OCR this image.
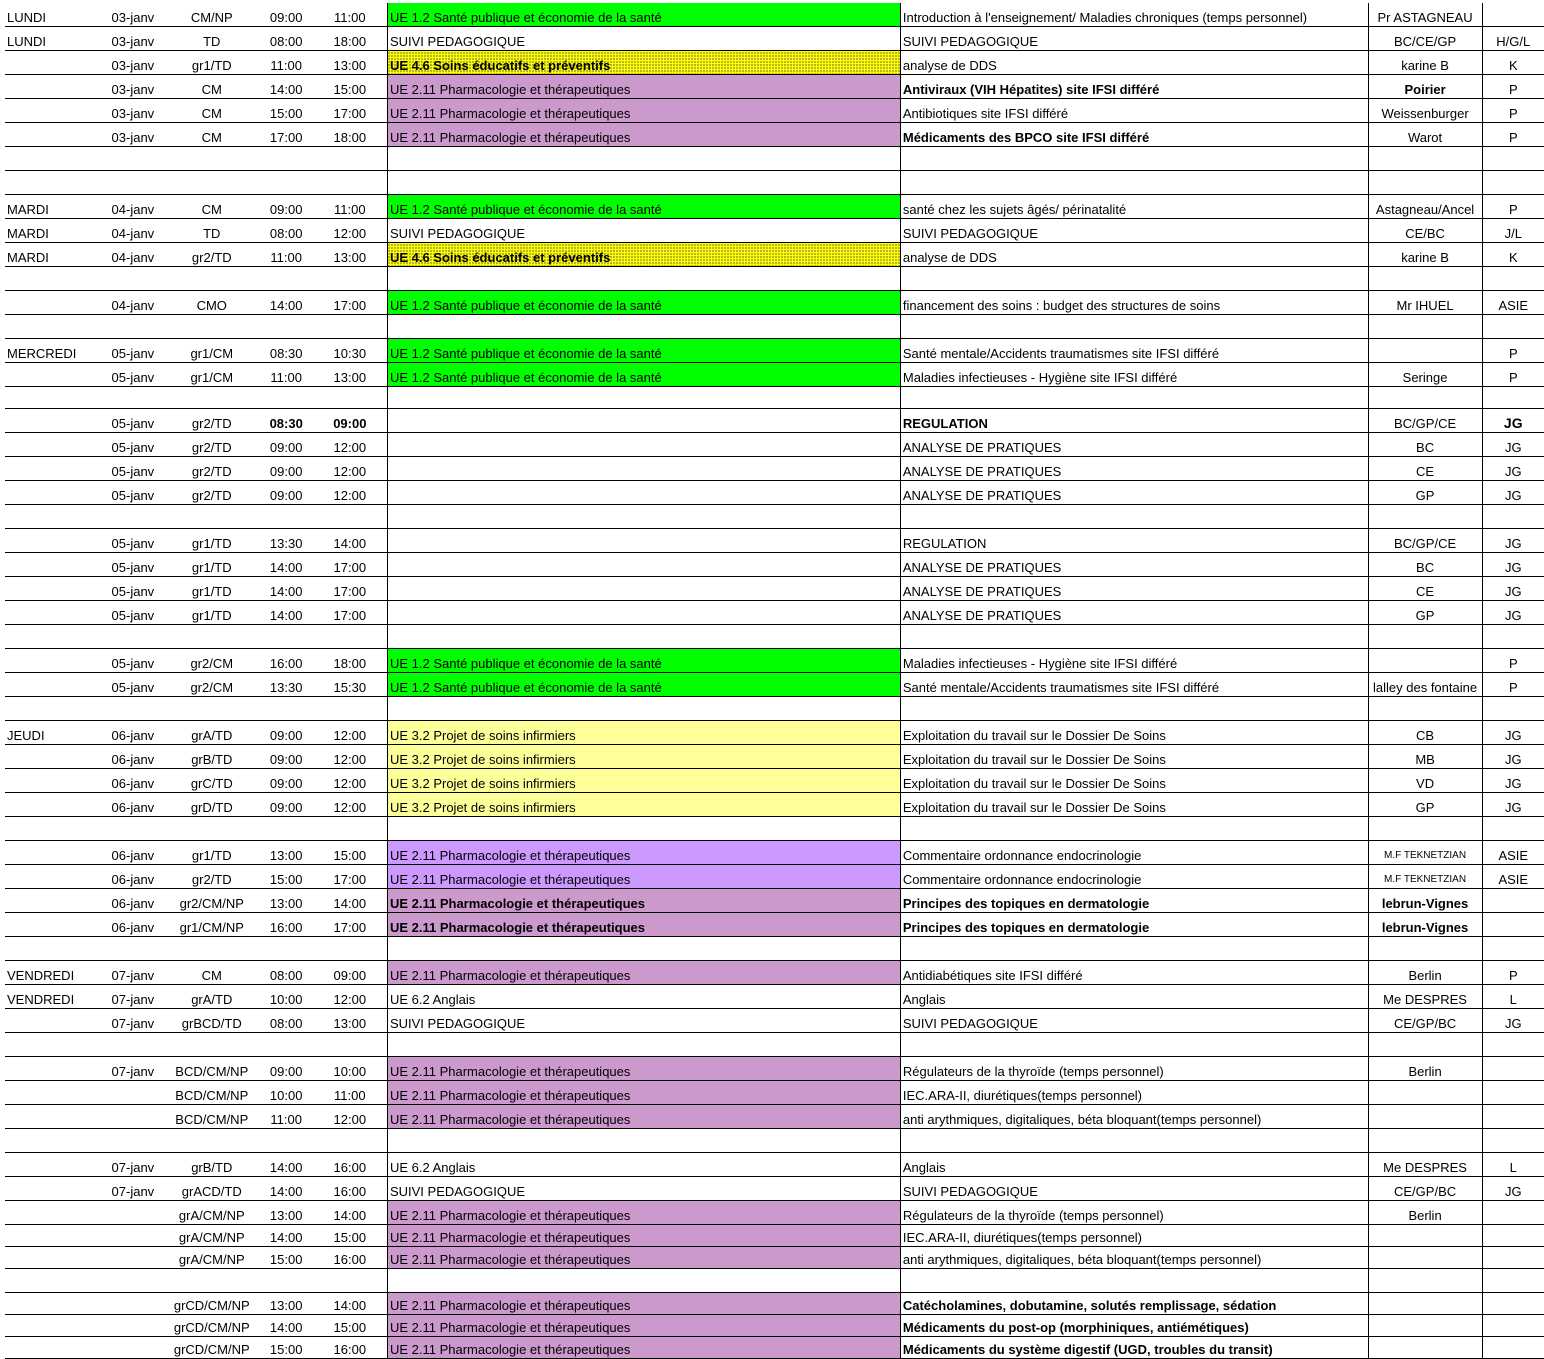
LUNDI	03-janv	CM/NP	09:00	11:00	UE 1.2 Santé publique et économie de la santé	Introduction à l'enseignement/ Maladies chroniques (temps personnel)	Pr ASTAGNEAU	
LUNDI	03-janv	TD	08:00	18:00	SUIVI PEDAGOGIQUE	SUIVI PEDAGOGIQUE	BC/CE/GP	H/G/L
	03-janv	gr1/TD	11:00	13:00	UE 4.6 Soins éducatifs et préventifs	analyse de DDS	karine B	K
	03-janv	CM	14:00	15:00	UE 2.11 Pharmacologie et thérapeutiques	Antiviraux (VIH Hépatites) site IFSI différé	Poirier	P
	03-janv	CM	15:00	17:00	UE 2.11 Pharmacologie et thérapeutiques	Antibiotiques site IFSI différé	Weissenburger	P
	03-janv	CM	17:00	18:00	UE 2.11 Pharmacologie et thérapeutiques	Médicaments des BPCO site IFSI différé	Warot	P

MARDI	04-janv	CM	09:00	11:00	UE 1.2 Santé publique et économie de la santé	santé chez les sujets âgés/ périnatalité	Astagneau/Ancel	P
MARDI	04-janv	TD	08:00	12:00	SUIVI PEDAGOGIQUE	SUIVI PEDAGOGIQUE	CE/BC	J/L
MARDI	04-janv	gr2/TD	11:00	13:00	UE 4.6 Soins éducatifs et préventifs	analyse de DDS	karine B	K

	04-janv	CMO	14:00	17:00	UE 1.2 Santé publique et économie de la santé	financement des soins : budget des structures de soins	Mr IHUEL	ASIE

MERCREDI	05-janv	gr1/CM	08:30	10:30	UE 1.2 Santé publique et économie de la santé	Santé mentale/Accidents traumatismes site IFSI différé		P
	05-janv	gr1/CM	11:00	13:00	UE 1.2 Santé publique et économie de la santé	Maladies infectieuses - Hygiène site IFSI différé	Seringe	P

	05-janv	gr2/TD	08:30	09:00		REGULATION	BC/GP/CE	JG
	05-janv	gr2/TD	09:00	12:00		ANALYSE DE PRATIQUES	BC	JG
	05-janv	gr2/TD	09:00	12:00		ANALYSE DE PRATIQUES	CE	JG
	05-janv	gr2/TD	09:00	12:00		ANALYSE DE PRATIQUES	GP	JG

	05-janv	gr1/TD	13:30	14:00		REGULATION	BC/GP/CE	JG
	05-janv	gr1/TD	14:00	17:00		ANALYSE DE PRATIQUES	BC	JG
	05-janv	gr1/TD	14:00	17:00		ANALYSE DE PRATIQUES	CE	JG
	05-janv	gr1/TD	14:00	17:00		ANALYSE DE PRATIQUES	GP	JG

	05-janv	gr2/CM	16:00	18:00	UE 1.2 Santé publique et économie de la santé	Maladies infectieuses - Hygiène site IFSI différé		P
	05-janv	gr2/CM	13:30	15:30	UE 1.2 Santé publique et économie de la santé	Santé mentale/Accidents traumatismes site IFSI différé	lalley des fontaine	P

JEUDI	06-janv	grA/TD	09:00	12:00	UE 3.2 Projet de soins infirmiers	Exploitation du travail sur le Dossier De Soins	CB	JG
	06-janv	grB/TD	09:00	12:00	UE 3.2 Projet de soins infirmiers	Exploitation du travail sur le Dossier De Soins	MB	JG
	06-janv	grC/TD	09:00	12:00	UE 3.2 Projet de soins infirmiers	Exploitation du travail sur le Dossier De Soins	VD	JG
	06-janv	grD/TD	09:00	12:00	UE 3.2 Projet de soins infirmiers	Exploitation du travail sur le Dossier De Soins	GP	JG

	06-janv	gr1/TD	13:00	15:00	UE 2.11 Pharmacologie et thérapeutiques	Commentaire ordonnance endocrinologie	M.F TEKNETZIAN	ASIE
	06-janv	gr2/TD	15:00	17:00	UE 2.11 Pharmacologie et thérapeutiques	Commentaire ordonnance endocrinologie	M.F TEKNETZIAN	ASIE
	06-janv	gr2/CM/NP	13:00	14:00	UE 2.11 Pharmacologie et thérapeutiques	Principes des topiques en dermatologie	lebrun-Vignes	
	06-janv	gr1/CM/NP	16:00	17:00	UE 2.11 Pharmacologie et thérapeutiques	Principes des topiques en dermatologie	lebrun-Vignes	

VENDREDI	07-janv	CM	08:00	09:00	UE 2.11 Pharmacologie et thérapeutiques	Antidiabétiques site IFSI différé	Berlin	P
VENDREDI	07-janv	grA/TD	10:00	12:00	UE 6.2 Anglais	Anglais	Me DESPRES	L
	07-janv	grBCD/TD	08:00	13:00	SUIVI PEDAGOGIQUE	SUIVI PEDAGOGIQUE	CE/GP/BC	JG

	07-janv	BCD/CM/NP	09:00	10:00	UE 2.11 Pharmacologie et thérapeutiques	Régulateurs de la thyroïde (temps personnel)	Berlin	
		BCD/CM/NP	10:00	11:00	UE 2.11 Pharmacologie et thérapeutiques	IEC.ARA-II, diurétiques(temps personnel)		
		BCD/CM/NP	11:00	12:00	UE 2.11 Pharmacologie et thérapeutiques	anti arythmiques, digitaliques, béta bloquant(temps personnel)		

	07-janv	grB/TD	14:00	16:00	UE 6.2 Anglais	Anglais	Me DESPRES	L
	07-janv	grACD/TD	14:00	16:00	SUIVI PEDAGOGIQUE	SUIVI PEDAGOGIQUE	CE/GP/BC	JG
		grA/CM/NP	13:00	14:00	UE 2.11 Pharmacologie et thérapeutiques	Régulateurs de la thyroïde (temps personnel)	Berlin	
		grA/CM/NP	14:00	15:00	UE 2.11 Pharmacologie et thérapeutiques	IEC.ARA-II, diurétiques(temps personnel)		
		grA/CM/NP	15:00	16:00	UE 2.11 Pharmacologie et thérapeutiques	anti arythmiques, digitaliques, béta bloquant(temps personnel)		

		grCD/CM/NP	13:00	14:00	UE 2.11 Pharmacologie et thérapeutiques	Catécholamines, dobutamine, solutés remplissage, sédation		
		grCD/CM/NP	14:00	15:00	UE 2.11 Pharmacologie et thérapeutiques	Médicaments du post-op (morphiniques, antiémétiques)		
		grCD/CM/NP	15:00	16:00	UE 2.11 Pharmacologie et thérapeutiques	Médicaments du système digestif (UGD, troubles du transit)		
